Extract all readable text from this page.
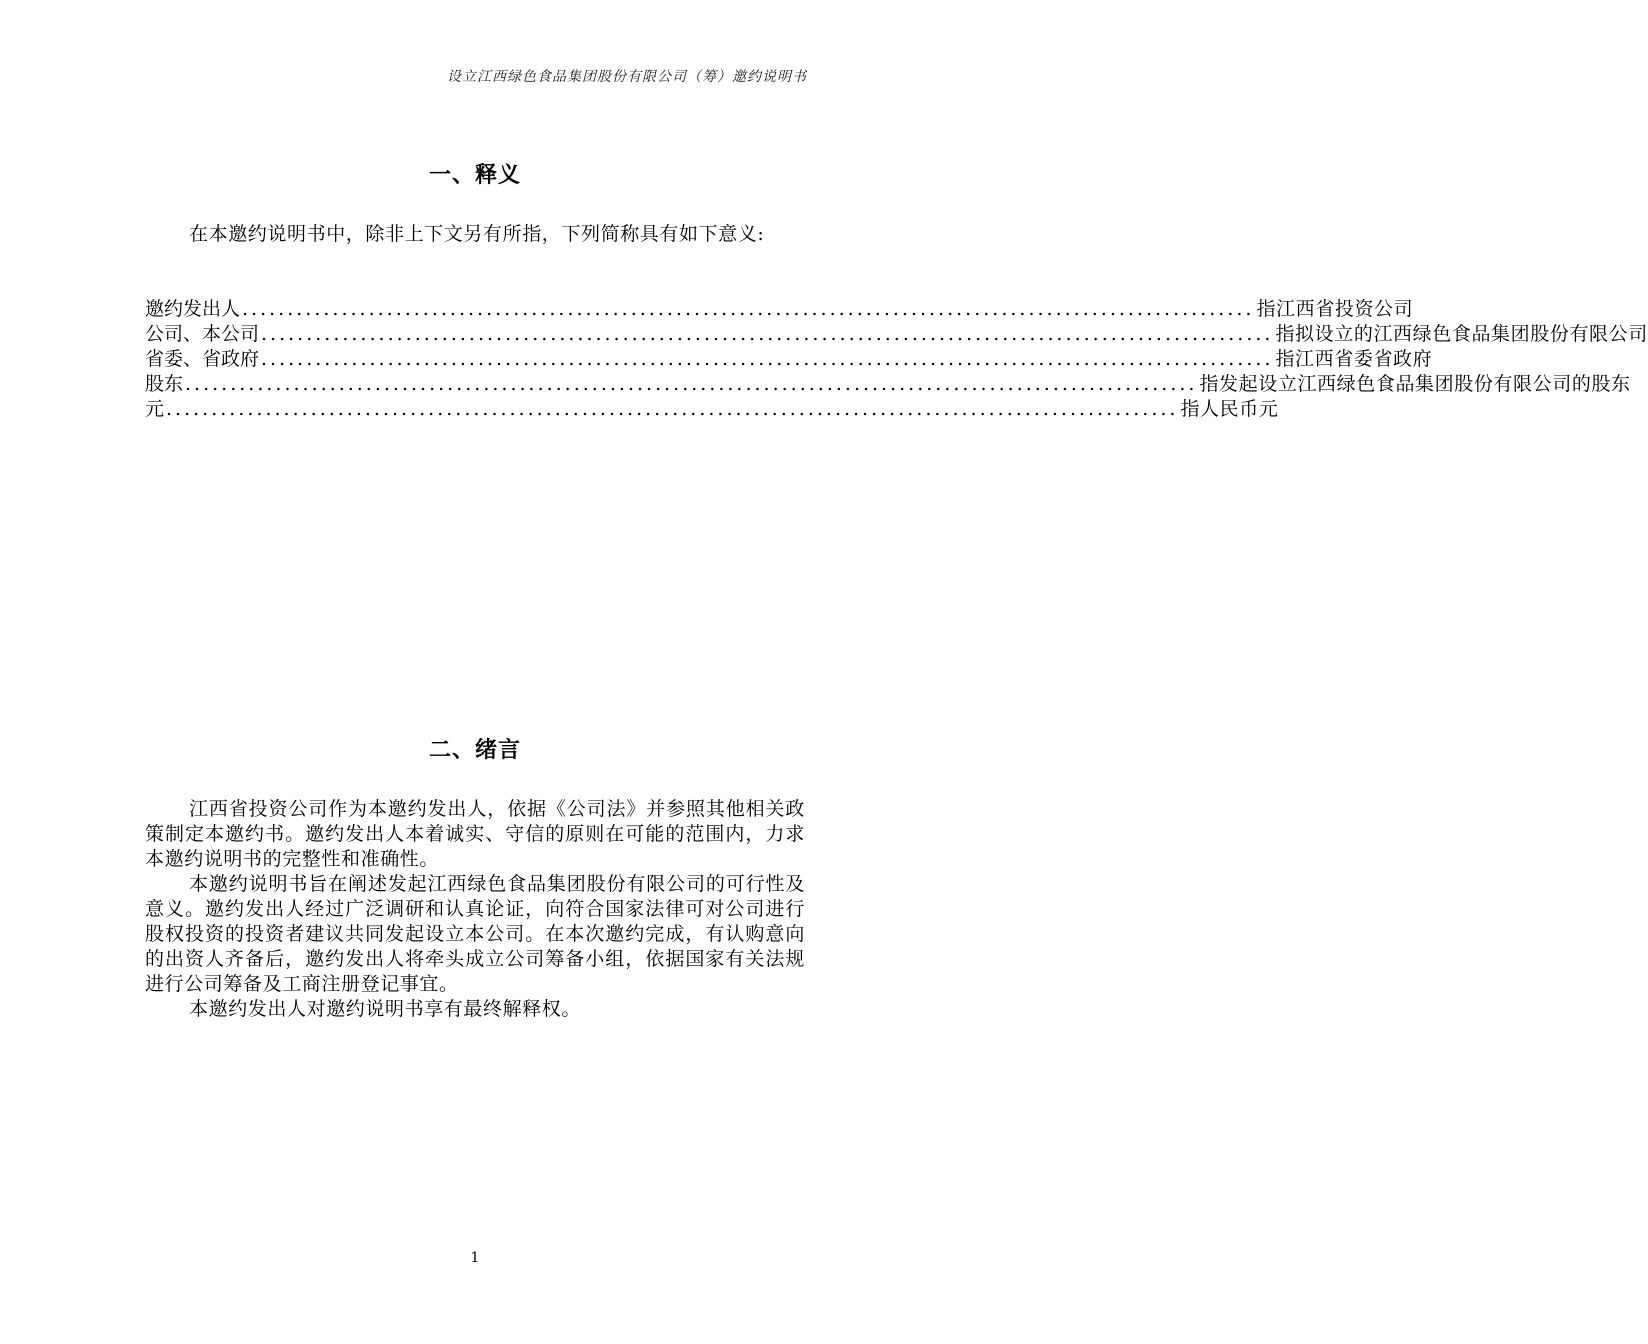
设立江西绿色食品集团股份有限公司（筹）邀约说明书
一、释义

在本邀约说明书中，除非上下文另有所指，下列简称具有如下意义:

邀约发出人 ................................................................................................................ 指江西省投资公司
公司、本公司 ................................................................................................................ 指拟设立的江西绿色食品集团股份有限公司
省委、省政府 ................................................................................................................ 指江西省委省政府
股东 ................................................................................................................ 指发起设立江西绿色食品集团股份有限公司的股东
元 ................................................................................................................ 指人民币元
二、绪言

江西省投资公司作为本邀约发出人，依据《公司法》并参照其他相关政策制定本邀约书。邀约发出人本着诚实、守信的原则在可能的范围内，力求本邀约说明书的完整性和准确性。

本邀约说明书旨在阐述发起江西绿色食品集团股份有限公司的可行性及意义。邀约发出人经过广泛调研和认真论证，向符合国家法律可对公司进行股权投资的投资者建议共同发起设立本公司。在本次邀约完成，有认购意向的出资人齐备后，邀约发出人将牵头成立公司筹备小组，依据国家有关法规进行公司筹备及工商注册登记事宜。

本邀约发出人对邀约说明书享有最终解释权。

1
